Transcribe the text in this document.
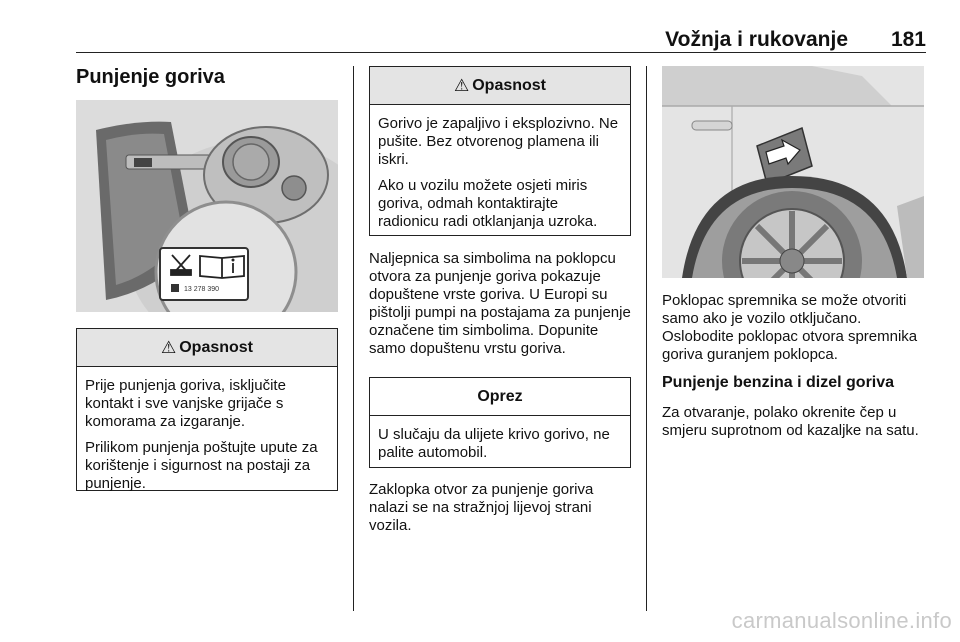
Vožnja i rukovanje 181
Punjenje goriva
13 278 390
⚠ Opasnost

Prije punjenja goriva, isključite kontakt i sve vanjske grijače s komorama za izgaranje.

Prilikom punjenja poštujte upute za korištenje i sigurnost na postaji za punjenje.

⚠ Opasnost

Gorivo je zapaljivo i eksplozivno. Ne pušite. Bez otvorenog plamena ili iskri.

Ako u vozilu možete osjeti miris goriva, odmah kontaktirajte radionicu radi otklanjanja uzroka.

Naljepnica sa simbolima na poklopcu otvora za punjenje goriva pokazuje dopuštene vrste goriva. U Europi su pištolji pumpi na postajama za punjenje označene tim simbolima. Dopunite samo dopuštenu vrstu goriva.
Oprez
U slučaju da ulijete krivo gorivo, ne palite automobil.
Zaklopka otvor za punjenje goriva nalazi se na stražnjoj lijevoj strani vozila.
Poklopac spremnika se može otvoriti samo ako je vozilo otključano. Oslobodite poklopac otvora spremnika goriva guranjem poklopca.
Punjenje benzina i dizel goriva
Za otvaranje, polako okrenite čep u smjeru suprotnom od kazaljke na satu.
carmanualsonline.info
